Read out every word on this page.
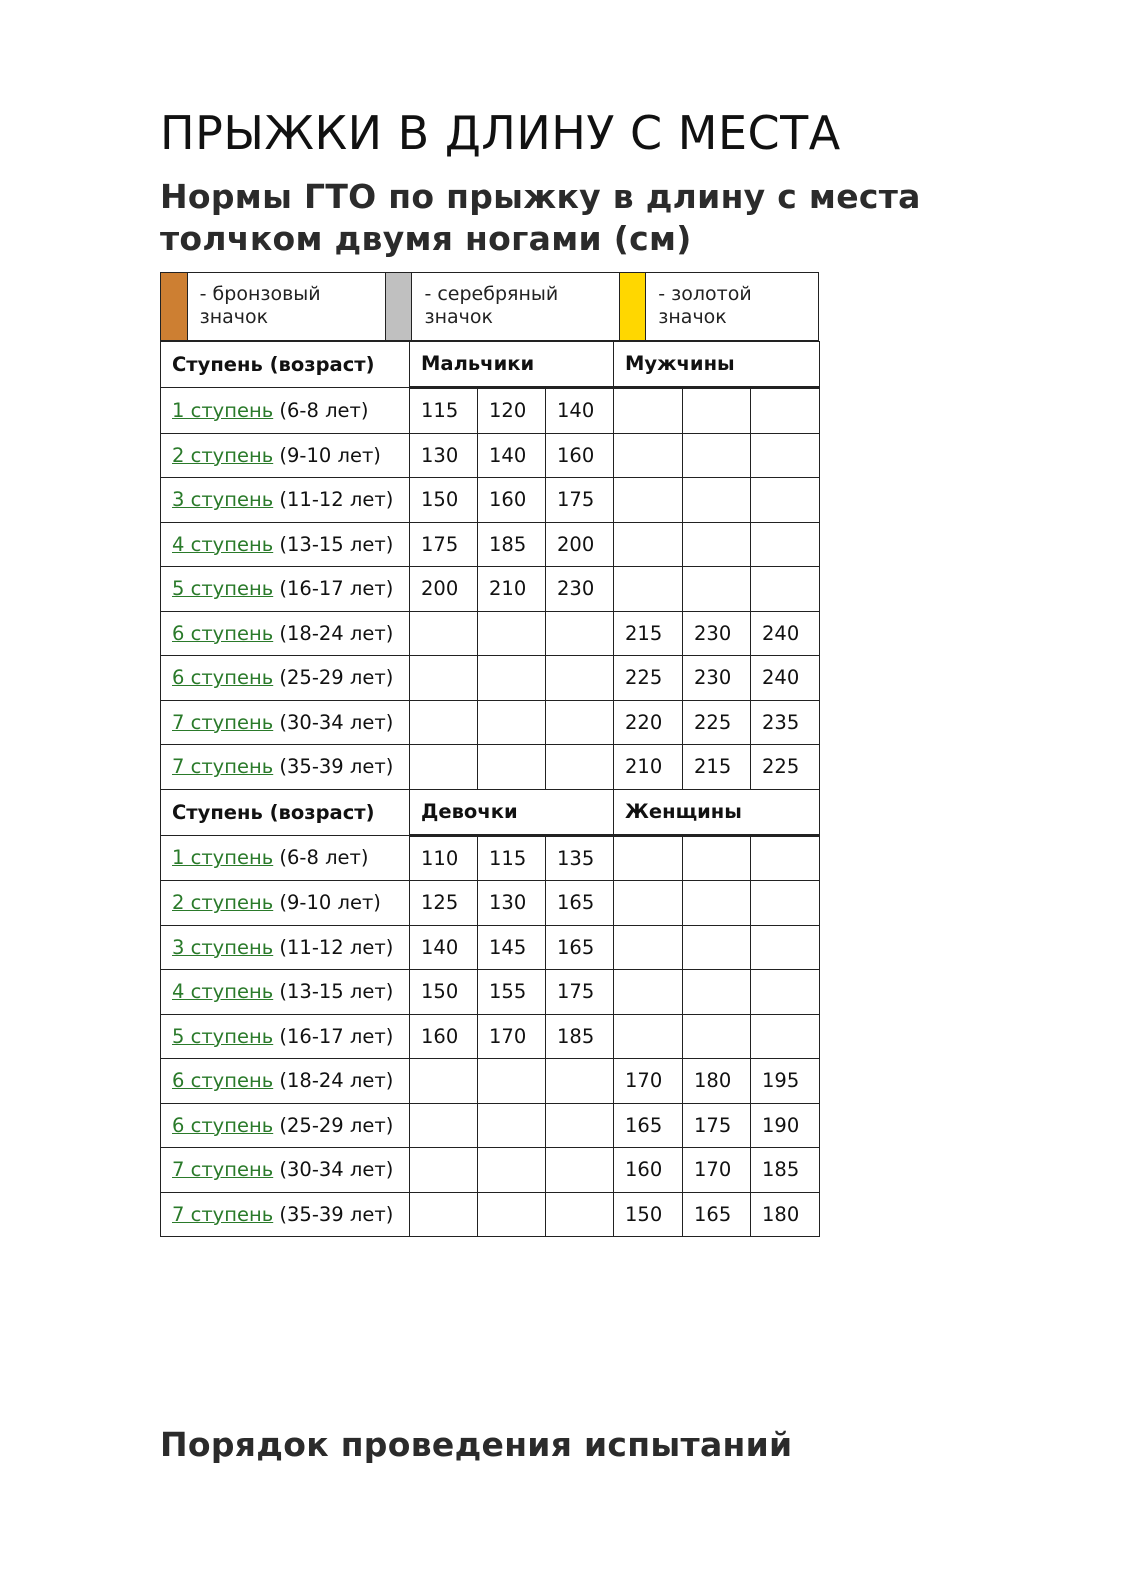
ПРЫЖКИ В ДЛИНУ С МЕСТА
Нормы ГТО по прыжку в длину с места толчком двумя ногами (см)
- бронзовый значок
- серебряный значок
- золотой значок
Ступень (возраст)	Мальчики			Мужчины		
1 ступень (6-8 лет)	115	120	140			
2 ступень (9-10 лет)	130	140	160			
3 ступень (11-12 лет)	150	160	175			
4 ступень (13-15 лет)	175	185	200			
5 ступень (16-17 лет)	200	210	230			
6 ступень (18-24 лет)				215	230	240
6 ступень (25-29 лет)				225	230	240
7 ступень (30-34 лет)				220	225	235
7 ступень (35-39 лет)				210	215	225
Ступень (возраст)	Девочки			Женщины		
1 ступень (6-8 лет)	110	115	135			
2 ступень (9-10 лет)	125	130	165			
3 ступень (11-12 лет)	140	145	165			
4 ступень (13-15 лет)	150	155	175			
5 ступень (16-17 лет)	160	170	185			
6 ступень (18-24 лет)				170	180	195
6 ступень (25-29 лет)				165	175	190
7 ступень (30-34 лет)				160	170	185
7 ступень (35-39 лет)				150	165	180
Порядок проведения испытаний
